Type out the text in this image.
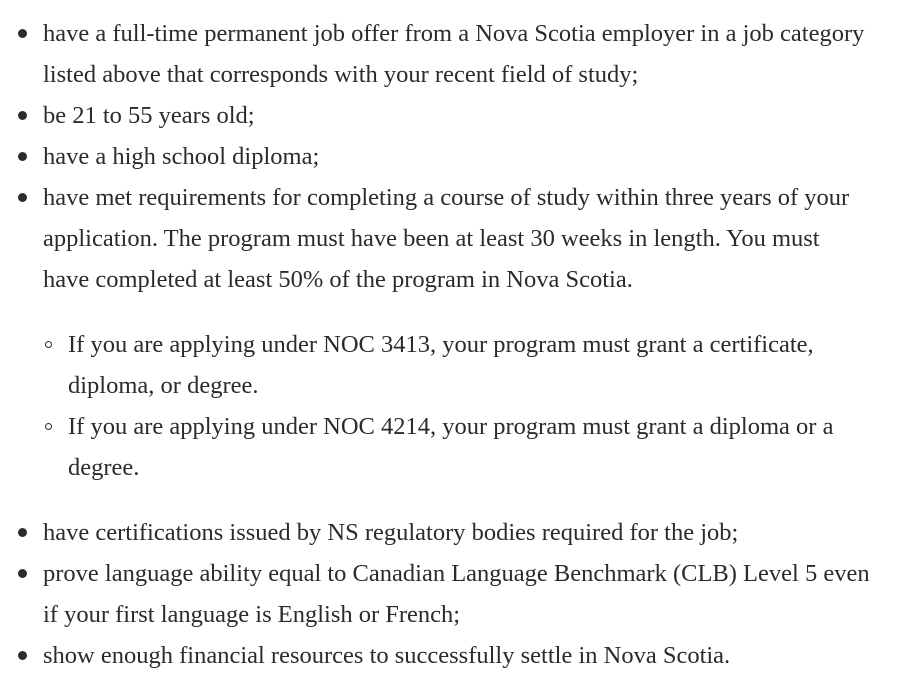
have a full-time permanent job offer from a Nova Scotia employer in a job category listed above that corresponds with your recent field of study;
be 21 to 55 years old;
have a high school diploma;
have met requirements for completing a course of study within three years of your application. The program must have been at least 30 weeks in length. You must have completed at least 50% of the program in Nova Scotia.
If you are applying under NOC 3413, your program must grant a certificate, diploma, or degree.
If you are applying under NOC 4214, your program must grant a diploma or a degree.
have certifications issued by NS regulatory bodies required for the job;
prove language ability equal to Canadian Language Benchmark (CLB) Level 5 even if your first language is English or French;
show enough financial resources to successfully settle in Nova Scotia.
